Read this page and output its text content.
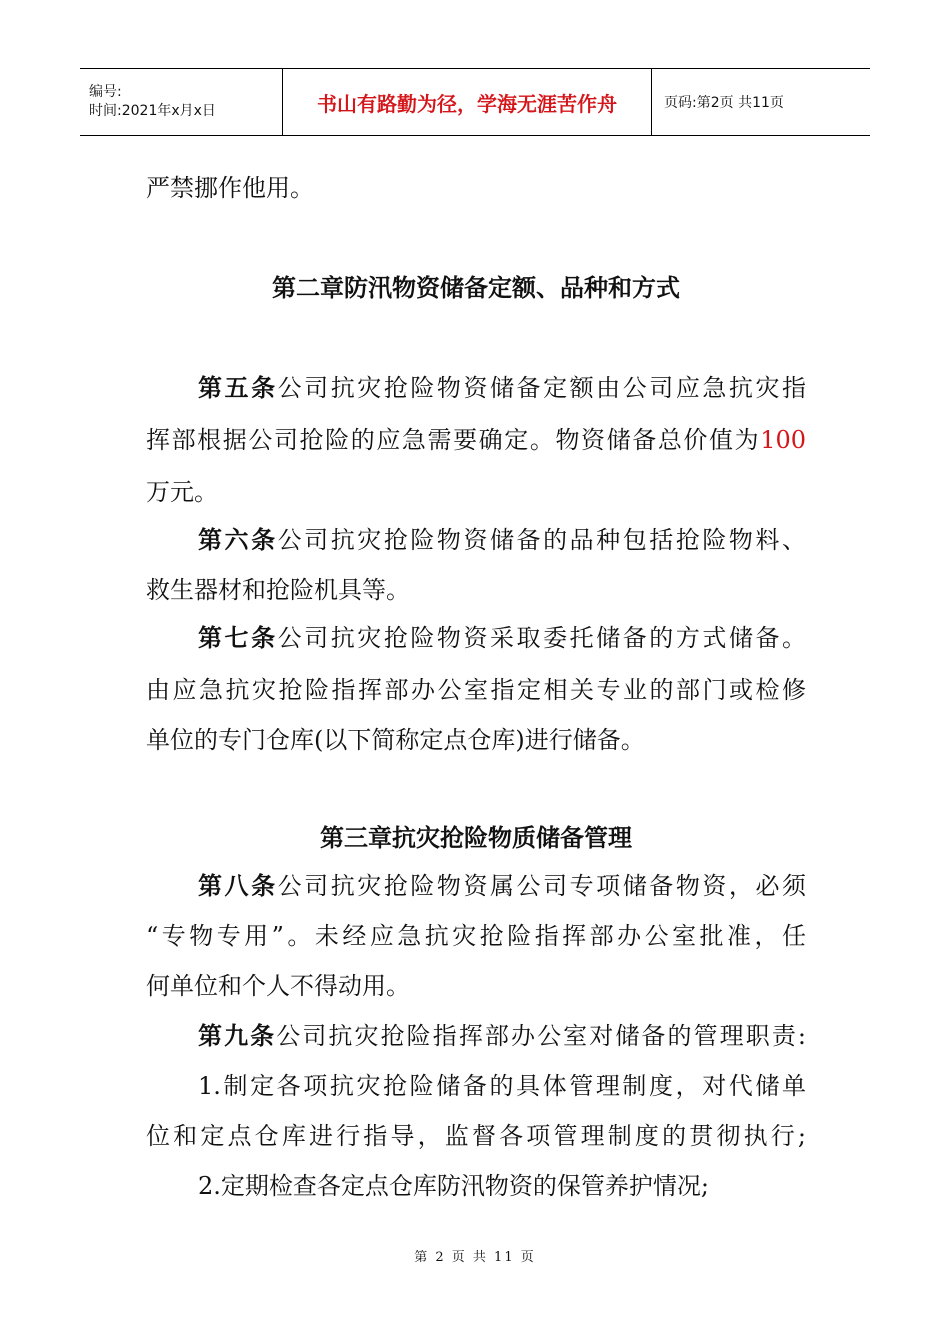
编号:
时间:2021年x月x日	书山有路勤为径，学海无涯苦作舟	页码:第2页 共11页
严禁挪作他用。
第二章防汛物资储备定额、品种和方式
第五条公司抗灾抢险物资储备定额由公司应急抗灾指
挥部根据公司抢险的应急需要确定。物资储备总价值为100
万元。
第六条公司抗灾抢险物资储备的品种包括抢险物料、
救生器材和抢险机具等。
第七条公司抗灾抢险物资采取委托储备的方式储备。
由应急抗灾抢险指挥部办公室指定相关专业的部门或检修
单位的专门仓库(以下简称定点仓库)进行储备。
第三章抗灾抢险物质储备管理
第八条公司抗灾抢险物资属公司专项储备物资，必须
“专物专用”。未经应急抗灾抢险指挥部办公室批准，任
何单位和个人不得动用。
第九条公司抗灾抢险指挥部办公室对储备的管理职责:
1.制定各项抗灾抢险储备的具体管理制度，对代储单
位和定点仓库进行指导，监督各项管理制度的贯彻执行;
2.定期检查各定点仓库防汛物资的保管养护情况;
第 2 页 共 11 页
